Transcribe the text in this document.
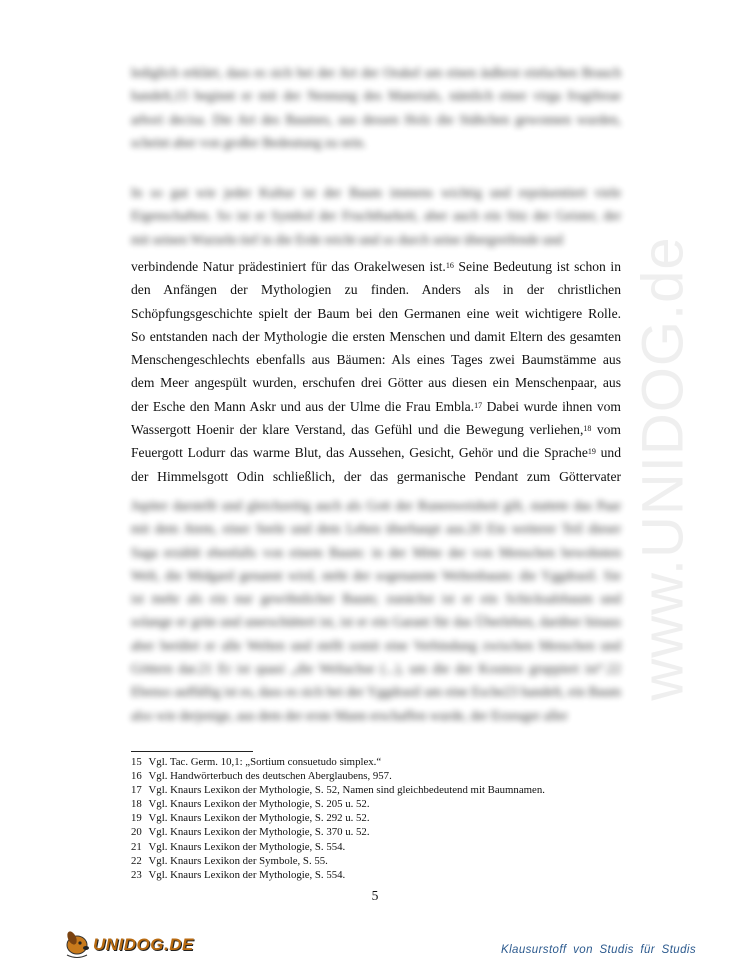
www.UNIDOG.de
lediglich erklärt, dass es sich bei der Art der Orakel um einen äußerst einfachen Brauch
handelt,15 beginnt er mit der Nennung des Materials, nämlich einer virga frugiferae
arbori decisa. Die Art des Baumes, aus dessen Holz die Stäbchen gewonnen wurden,
scheint aber von großer Bedeutung zu sein.
In so gut wie jeder Kultur ist der Baum immens wichtig und repräsentiert viele
Eigenschaften. So ist er Symbol der Fruchtbarkeit, aber auch ein Sitz der Geister, der
mit seinen Wurzeln tief in die Erde reicht und so durch seine übergreifende und
verbindende Natur prädestiniert für das Orakelwesen ist.$^{16}$ Seine Bedeutung ist schon in
den Anfängen der Mythologien zu finden. Anders als in der christlichen
Schöpfungsgeschichte spielt der Baum bei den Germanen eine weit wichtigere Rolle.
So entstanden nach der Mythologie die ersten Menschen und damit Eltern des gesamten
Menschengeschlechts ebenfalls aus Bäumen: Als eines Tages zwei Baumstämme aus
dem Meer angespült wurden, erschufen drei Götter aus diesen ein Menschenpaar, aus
der Esche den Mann Askr und aus der Ulme die Frau Embla.$^{17}$ Dabei wurde ihnen vom
Wassergott Hoenir der klare Verstand, das Gefühl und die Bewegung verliehen,$^{18}$ vom
Feuergott Lodurr das warme Blut, das Aussehen, Gesicht, Gehör und die Sprache$^{19}$ und
der Himmelsgott Odin schließlich, der das germanische Pendant zum Göttervater
Jupiter darstellt und gleichzeitig auch als Gott der Runenweisheit gilt, stattete das Paar
mit dem Atem, einer Seele und dem Leben überhaupt aus.20 Ein weiterer Teil dieser
Saga erzählt ebenfalls von einem Baum: in der Mitte der von Menschen bewohnten
Welt, die Midgard genannt wird, steht der sogenannte Weltenbaum: die Yggdrasil. Sie
ist mehr als ein nur gewöhnlicher Baum; zunächst ist er ein Schicksalsbaum und
solange er grün und unerschüttert ist, ist er ein Garant für das Überleben, darüber hinaus
aber berührt er alle Welten und stellt somit eine Verbindung zwischen Menschen und
Göttern dar.21 Er ist quasi „die Weltachse (...), um die der Kosmos gruppiert ist“.22
Ebenso auffällig ist es, dass es sich bei der Yggdrasil um eine Esche23 handelt, ein Baum
also wie derjenige, aus dem der erste Mann erschaffen wurde, der Erzeuger aller
15 Vgl. Tac. Germ. 10,1: „Sortium consuetudo simplex.“
16 Vgl. Handwörterbuch des deutschen Aberglaubens, 957.
17 Vgl. Knaurs Lexikon der Mythologie, S. 52, Namen sind gleichbedeutend mit Baumnamen.
18 Vgl. Knaurs Lexikon der Mythologie, S. 205 u. 52.
19 Vgl. Knaurs Lexikon der Mythologie, S. 292 u. 52.
20 Vgl. Knaurs Lexikon der Mythologie, S. 370 u. 52.
21 Vgl. Knaurs Lexikon der Mythologie, S. 554.
22 Vgl. Knaurs Lexikon der Symbole, S. 55.
23 Vgl. Knaurs Lexikon der Mythologie, S. 554.
5
UNIDOG.DE	Klausurstoff von Studis für Studis
